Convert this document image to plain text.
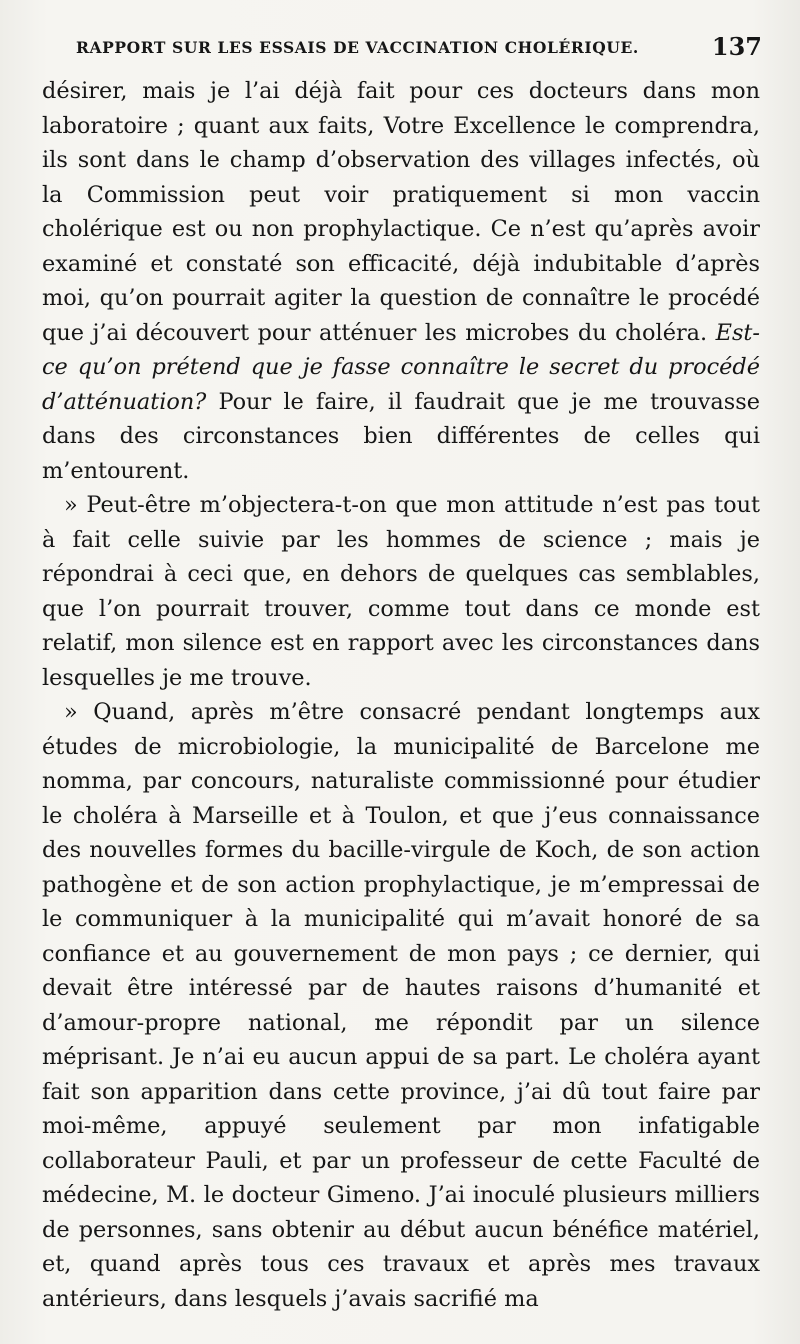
RAPPORT SUR LES ESSAIS DE VACCINATION CHOLÉRIQUE.	137

désirer, mais je l’ai déjà fait pour ces docteurs dans mon laboratoire ; quant aux faits, Votre Excellence le comprendra, ils sont dans le champ d’observation des villages infectés, où la Commission peut voir pratiquement si mon vaccin cholérique est ou non prophylactique. Ce n’est qu’après avoir examiné et constaté son efficacité, déjà indubitable d’après moi, qu’on pourrait agiter la question de connaître le procédé que j’ai découvert pour atténuer les microbes du choléra. Est-ce qu’on prétend que je fasse connaître le secret du procédé d’atténuation? Pour le faire, il faudrait que je me trouvasse dans des circonstances bien différentes de celles qui m’entourent.

» Peut-être m’objectera-t-on que mon attitude n’est pas tout à fait celle suivie par les hommes de science ; mais je répondrai à ceci que, en dehors de quelques cas semblables, que l’on pourrait trouver, comme tout dans ce monde est relatif, mon silence est en rapport avec les circonstances dans lesquelles je me trouve.

» Quand, après m’être consacré pendant longtemps aux études de microbiologie, la municipalité de Barcelone me nomma, par concours, naturaliste commissionné pour étudier le choléra à Marseille et à Toulon, et que j’eus connaissance des nouvelles formes du bacille-virgule de Koch, de son action pathogène et de son action prophylactique, je m’empressai de le communiquer à la municipalité qui m’avait honoré de sa confiance et au gouvernement de mon pays ; ce dernier, qui devait être intéressé par de hautes raisons d’humanité et d’amour-propre national, me répondit par un silence méprisant. Je n’ai eu aucun appui de sa part. Le choléra ayant fait son apparition dans cette province, j’ai dû tout faire par moi-même, appuyé seulement par mon infatigable collaborateur Pauli, et par un professeur de cette Faculté de médecine, M. le docteur Gimeno. J’ai inoculé plusieurs milliers de personnes, sans obtenir au début aucun bénéfice matériel, et, quand après tous ces travaux et après mes travaux antérieurs, dans lesquels j’avais sacrifié ma
